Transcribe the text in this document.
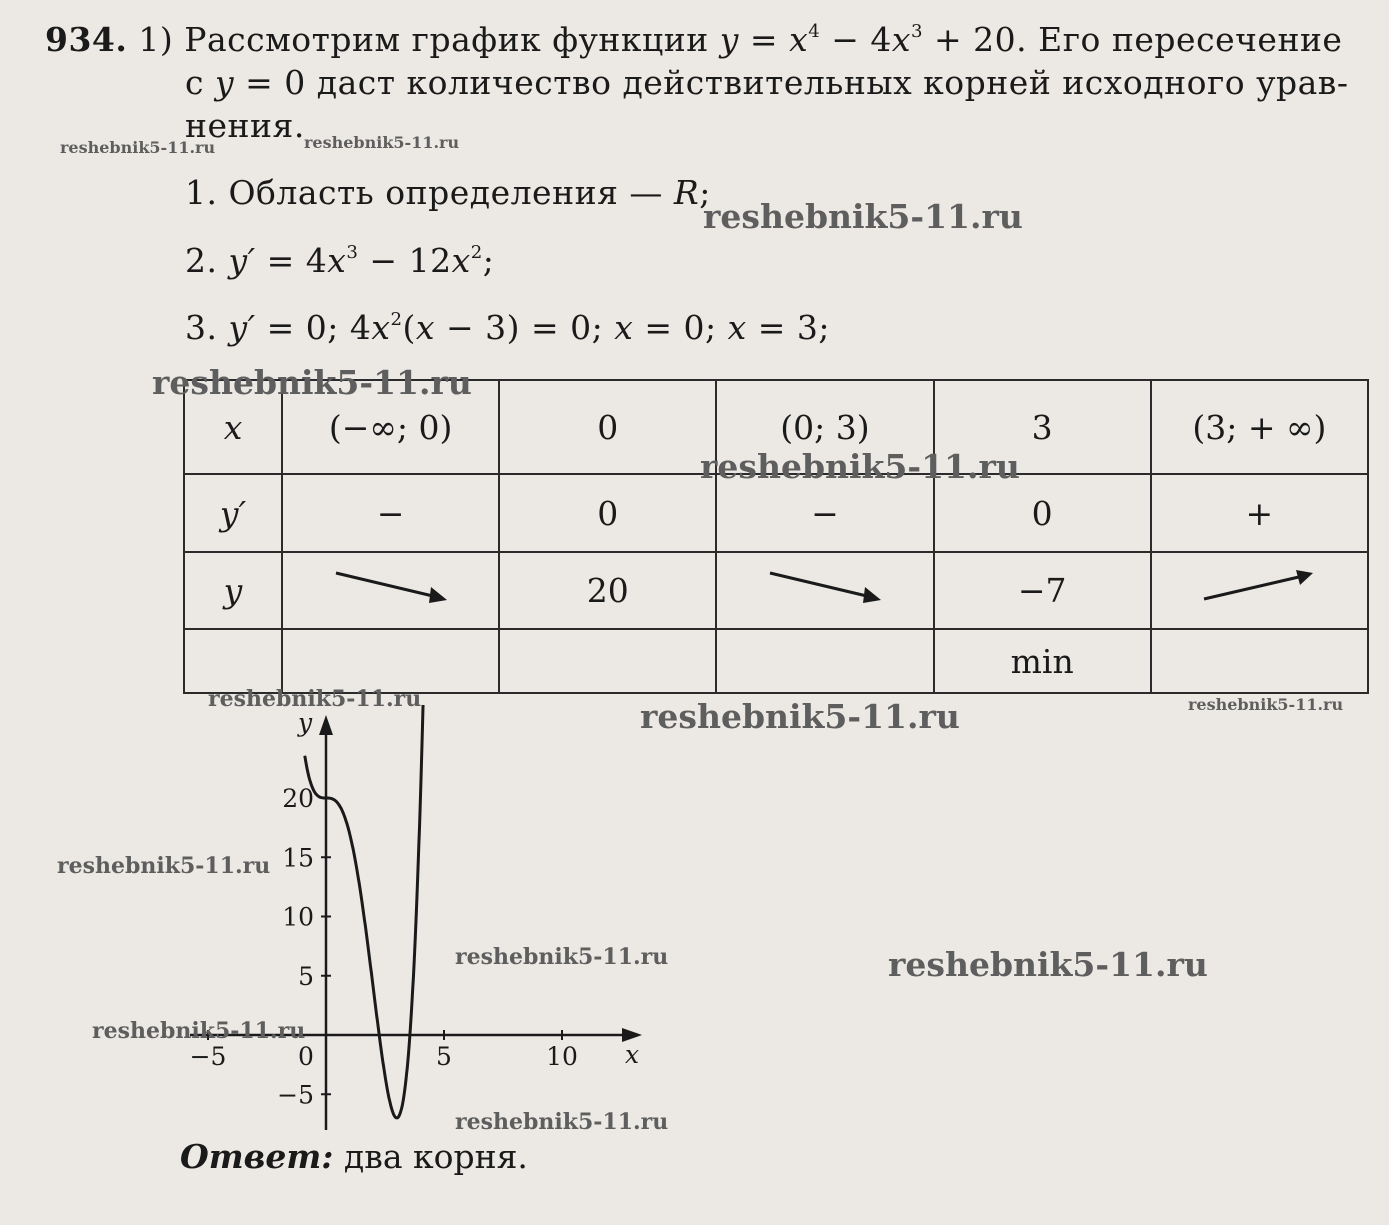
934. 1) Рассмотрим график функции $y = x^4 - 4x^3 + 20$. Его пересечение
с y = 0 даст количество действительных корней исходного урав-
нения.
1. Область определения — R;
2. $y' = 4x^3 - 12x^2$;
3. y′ = 0; $4x^2(x - 3) = 0$; x = 0; x = 3;
x	(−∞; 0)	0	(0; 3)	3	(3; + ∞)
y′	−	0	−	0	+
y		20		−7	
				min	
y
x
−5
5
10
15
20
−5	0	5	10
Ответ: два корня.
reshebnik5-11.ru	reshebnik5-11.ru
reshebnik5-11.ru
reshebnik5-11.ru
reshebnik5-11.ru
reshebnik5-11.ru	reshebnik5-11.ru	reshebnik5-11.ru
reshebnik5-11.ru
reshebnik5-11.ru	reshebnik5-11.ru
reshebnik5-11.ru
reshebnik5-11.ru
